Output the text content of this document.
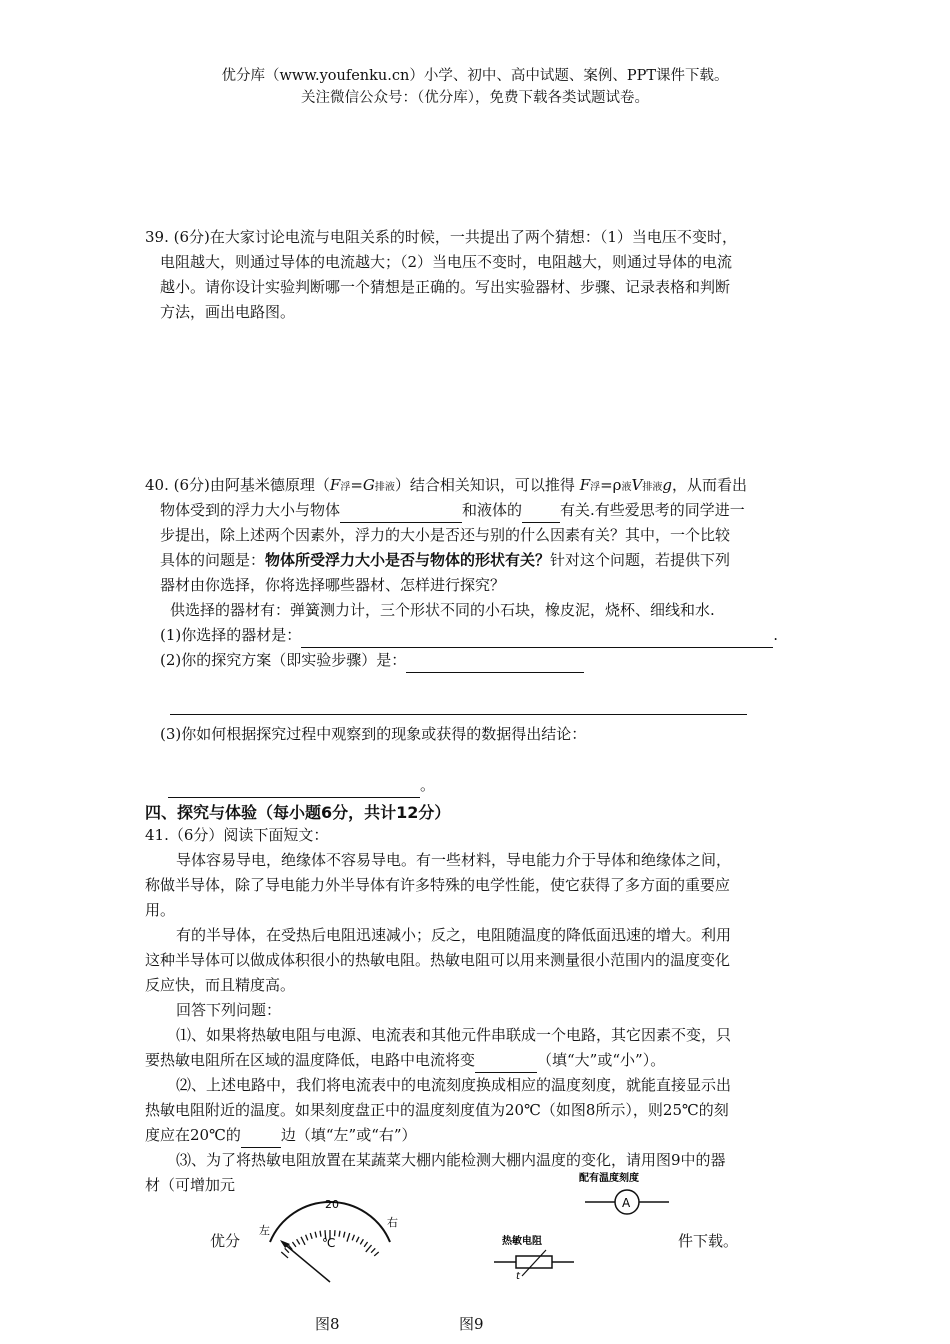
优分库（www.youfenku.cn）小学、初中、高中试题、案例、PPT课件下载。
关注微信公众号：（优分库），免费下载各类试题试卷。
39. (6分)在大家讨论电流与电阻关系的时候，一共提出了两个猜想：（1）当电压不变时，
电阻越大，则通过导体的电流越大；（2）当电压不变时，电阻越大，则通过导体的电流
越小。请你设计实验判断哪一个猜想是正确的。写出实验器材、步骤、记录表格和判断
方法，画出电路图。
40. (6分)由阿基米德原理（F浮=G排液）结合相关知识，可以推得 F浮=ρ液V排液g，从而看出
物体受到的浮力大小与物体	和液体的	有关.有些爱思考的同学进一
步提出，除上述两个因素外，浮力的大小是否还与别的什么因素有关？其中，一个比较
具体的问题是：物体所受浮力大小是否与物体的形状有关？针对这个问题，若提供下列
器材由你选择，你将选择哪些器材、怎样进行探究？
供选择的器材有：弹簧测力计，三个形状不同的小石块，橡皮泥，烧杯、细线和水.
(1)你选择的器材是：	.
(2)你的探究方案（即实验步骤）是：
(3)你如何根据探究过程中观察到的现象或获得的数据得出结论：
。
四、探究与体验（每小题6分，共计12分）
41.（6分）阅读下面短文：
导体容易导电，绝缘体不容易导电。有一些材料，导电能力介于导体和绝缘体之间，
称做半导体，除了导电能力外半导体有许多特殊的电学性能，使它获得了多方面的重要应
用。
有的半导体，在受热后电阻迅速减小；反之，电阻随温度的降低面迅速的增大。利用
这种半导体可以做成体积很小的热敏电阻。热敏电阻可以用来测量很小范围内的温度变化
反应快，而且精度高。
回答下列问题：
⑴、如果将热敏电阻与电源、电流表和其他元件串联成一个电路，其它因素不变，只
要热敏电阻所在区域的温度降低，电路中电流将变	（填“大”或“小”）。
⑵、上述电路中，我们将电流表中的电流刻度换成相应的温度刻度，就能直接显示出
热敏电阻附近的温度。如果刻度盘正中的温度刻度值为20℃（如图8所示），则25℃的刻
度应在20℃的	边（填“左”或“右”）
⑶、为了将热敏电阻放置在某蔬菜大棚内能检测大棚内温度的变化，请用图9中的器
材（可增加元
优分	件下载。
20
左
右
℃
配有温度刻度
A
热敏电阻
t
图8	图9
